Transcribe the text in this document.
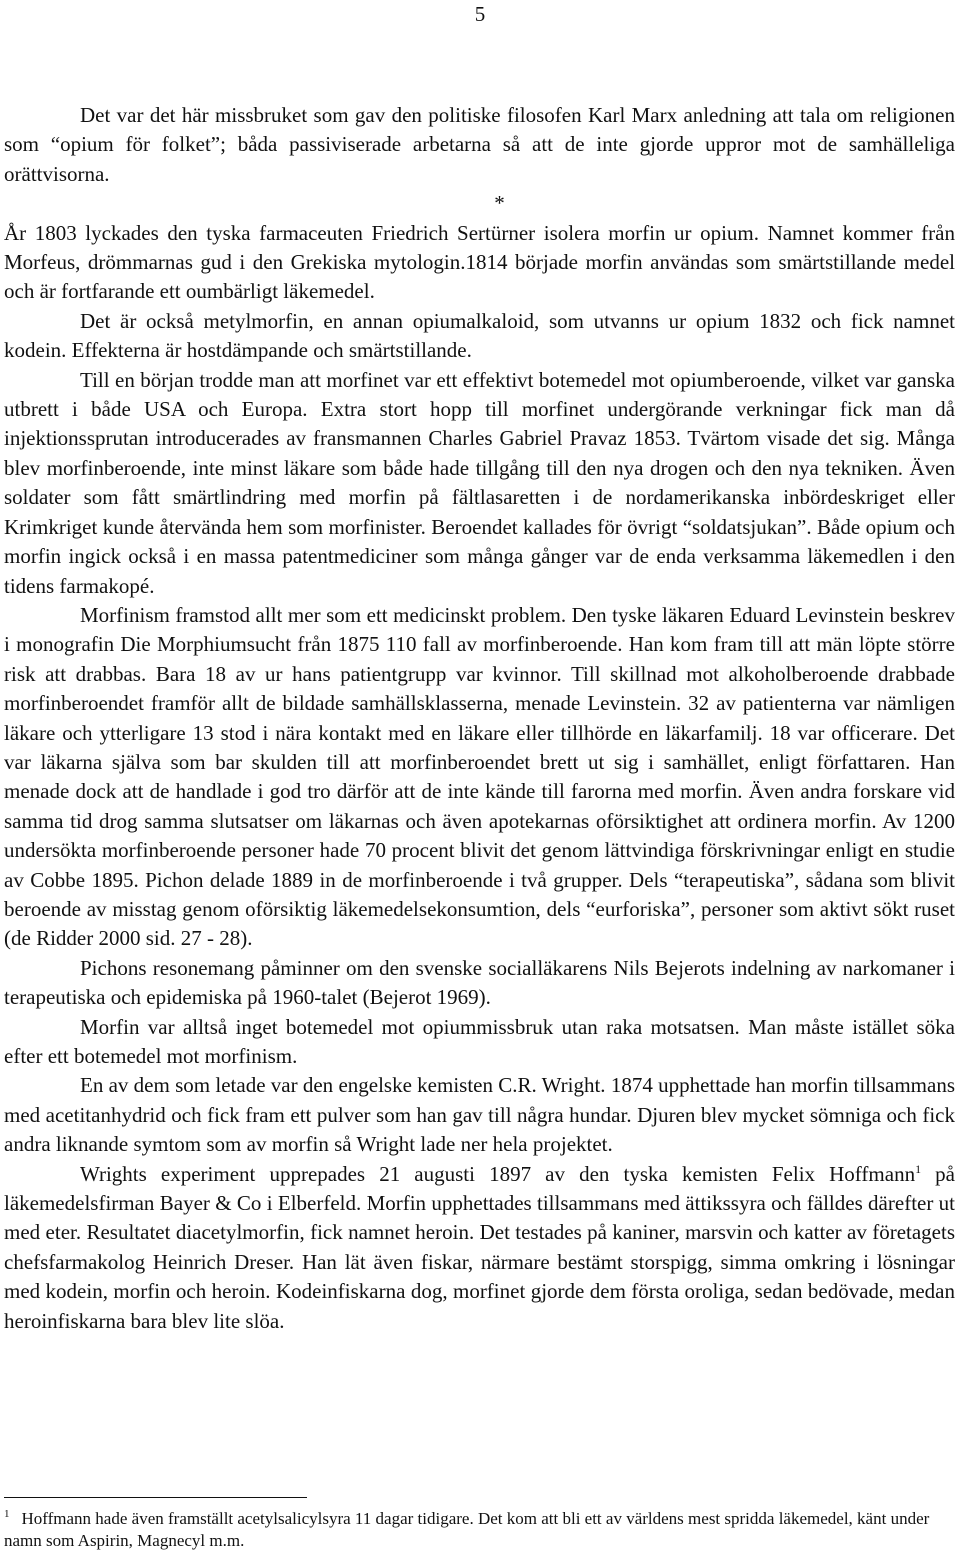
5

Det var det här missbruket som gav den politiske filosofen Karl Marx anledning att tala om religionen som “opium för folket”; båda passiviserade arbetarna så att de inte gjorde uppror mot de samhälleliga orättvisorna.

*

År 1803 lyckades den tyska farmaceuten Friedrich Sertürner isolera morfin ur opium. Namnet kommer från Morfeus, drömmarnas gud i den Grekiska mytologin.1814 började morfin användas som smärtstillande medel och är fortfarande ett oumbärligt läkemedel.

Det är också metylmorfin, en annan opiumalkaloid, som utvanns ur opium 1832 och fick namnet kodein. Effekterna är hostdämpande och smärtstillande.

Till en början trodde man att morfinet var ett effektivt botemedel mot opiumberoende, vilket var ganska utbrett i både USA och Europa. Extra stort hopp till morfinet undergörande verkningar fick man då injektionssprutan introducerades av fransmannen Charles Gabriel Pravaz 1853. Tvärtom visade det sig. Många blev morfinberoende, inte minst läkare som både hade tillgång till den nya drogen och den nya tekniken. Även soldater som fått smärtlindring med morfin på fältlasaretten i de nordamerikanska inbördeskriget eller Krimkriget kunde återvända hem som morfinister. Beroendet kallades för övrigt “soldatsjukan”. Både opium och morfin ingick också i en massa patentmediciner som många gånger var de enda verksamma läkemedlen i den tidens farmakopé.

Morfinism framstod allt mer som ett medicinskt problem. Den tyske läkaren Eduard Levinstein beskrev i monografin Die Morphiumsucht från 1875 110 fall av morfinberoende. Han kom fram till att män löpte större risk att drabbas. Bara 18 av ur hans patientgrupp var kvinnor. Till skillnad mot alkoholberoende drabbade morfinberoendet framför allt de bildade samhällsklasserna, menade Levinstein. 32 av patienterna var nämligen läkare och ytterligare 13 stod i nära kontakt med en läkare eller tillhörde en läkarfamilj. 18 var officerare. Det var läkarna själva som bar skulden till att morfinberoendet brett ut sig i samhället, enligt författaren. Han menade dock att de handlade i god tro därför att de inte kände till farorna med morfin. Även andra forskare vid samma tid drog samma slutsatser om läkarnas och även apotekarnas oförsiktighet att ordinera morfin. Av 1200 undersökta morfinberoende personer hade 70 procent blivit det genom lättvindiga förskrivningar enligt en studie av Cobbe 1895. Pichon delade 1889 in de morfinberoende i två grupper. Dels “terapeutiska”, sådana som blivit beroende av misstag genom oförsiktig läkemedelsekonsumtion, dels “eurforiska”, personer som aktivt sökt ruset (de Ridder 2000 sid. 27 - 28).

Pichons resonemang påminner om den svenske socialläkarens Nils Bejerots indelning av narkomaner i terapeutiska och epidemiska på 1960-talet (Bejerot 1969).

Morfin var alltså inget botemedel mot opiummissbruk utan raka motsatsen. Man måste istället söka efter ett botemedel mot morfinism.

En av dem som letade var den engelske kemisten C.R. Wright. 1874 upphettade han morfin tillsammans med acetitanhydrid och fick fram ett pulver som han gav till några hundar. Djuren blev mycket sömniga och fick andra liknande symtom som av morfin så Wright lade ner hela projektet.

Wrights experiment upprepades 21 augusti 1897 av den tyska kemisten Felix Hoffmann$^1$ på läkemedelsfirman Bayer & Co i Elberfeld. Morfin upphettades tillsammans med ättikssyra och fälldes därefter ut med eter. Resultatet diacetylmorfin, fick namnet heroin. Det testades på kaniner, marsvin och katter av företagets chefsfarmakolog Heinrich Dreser. Han lät även fiskar, närmare bestämt storspigg, simma omkring i lösningar med kodein, morfin och heroin. Kodeinfiskarna dog, morfinet gjorde dem första oroliga, sedan bedövade, medan heroinfiskarna bara blev lite slöa.

$^1$ Hoffmann hade även framställt acetylsalicylsyra 11 dagar tidigare. Det kom att bli ett av världens mest spridda läkemedel, känt under namn som Aspirin, Magnecyl m.m.
